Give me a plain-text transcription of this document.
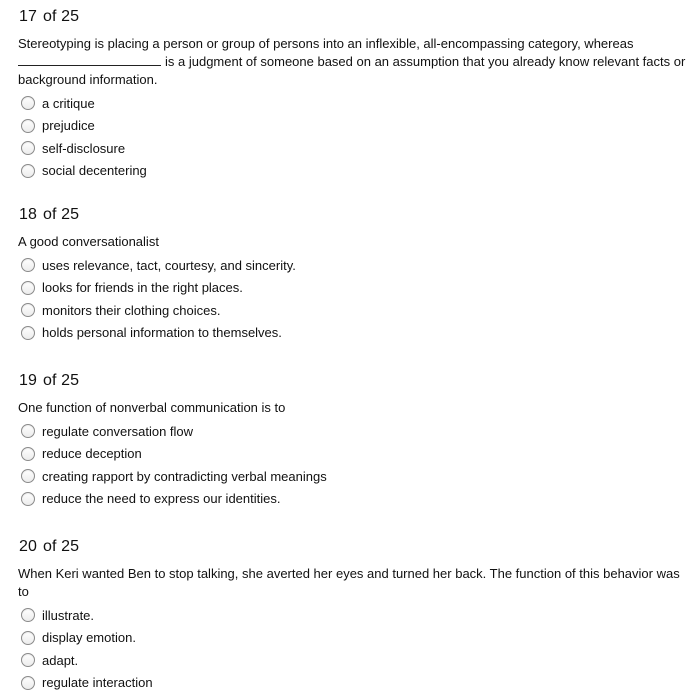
17 of 25

Stereotyping is placing a person or group of persons into an inflexible, all-encompassing category, whereas
is a judgment of someone based on an assumption that you already know relevant facts or background information.

a critique
prejudice
self-disclosure
social decentering
18 of 25

A good conversationalist

uses relevance, tact, courtesy, and sincerity.
looks for friends in the right places.
monitors their clothing choices.
holds personal information to themselves.
19 of 25

One function of nonverbal communication is to

regulate conversation flow
reduce deception
creating rapport by contradicting verbal meanings
reduce the need to express our identities.
20 of 25

When Keri wanted Ben to stop talking, she averted her eyes and turned her back. The function of this behavior was to

illustrate.
display emotion.
adapt.
regulate interaction
